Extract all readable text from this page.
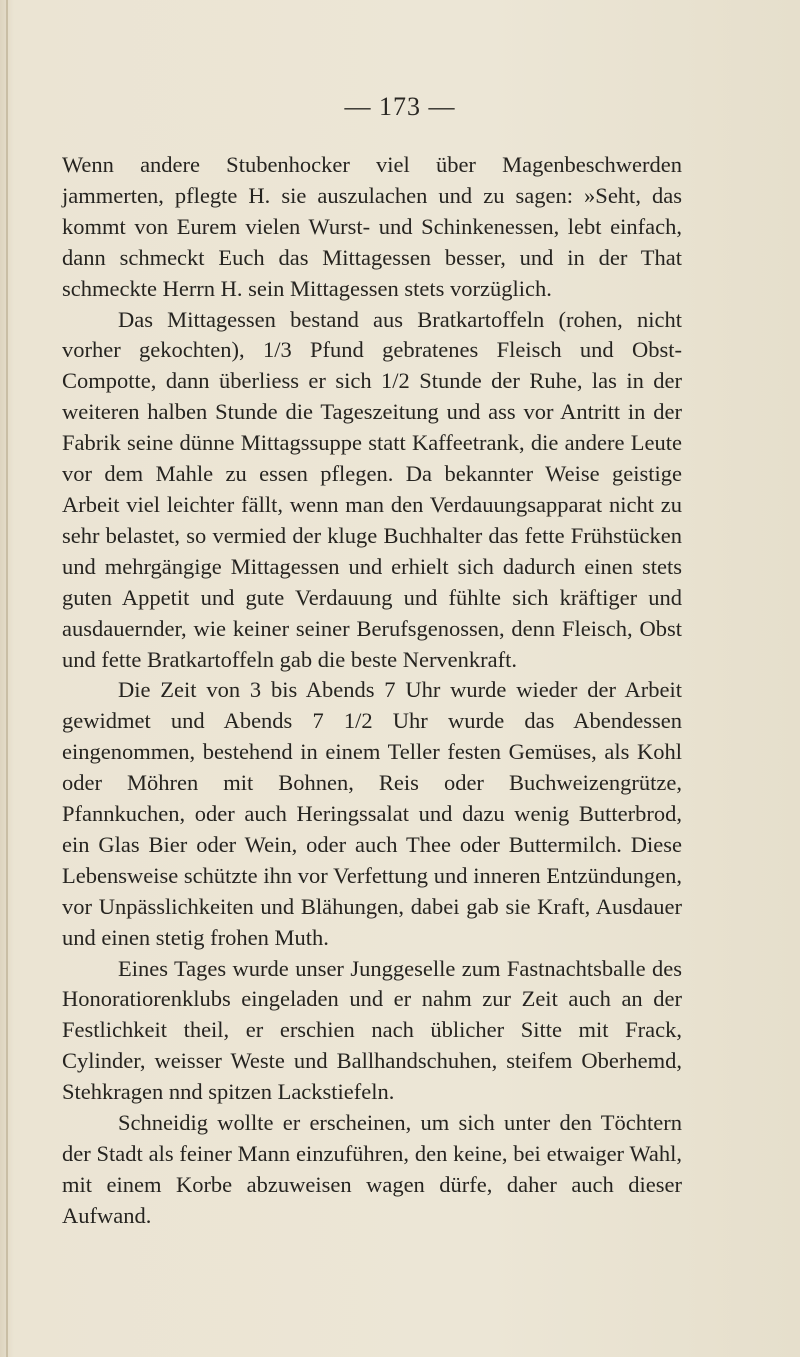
— 173 —

Wenn andere Stubenhocker viel über Magenbeschwerden jammerten, pflegte H. sie auszulachen und zu sagen: »Seht, das kommt von Eurem vielen Wurst- und Schinkenessen, lebt einfach, dann schmeckt Euch das Mittagessen besser, und in der That schmeckte Herrn H. sein Mittagessen stets vorzüglich.

Das Mittagessen bestand aus Bratkartoffeln (rohen, nicht vorher gekochten), 1/3 Pfund gebratenes Fleisch und Obst-Compotte, dann überliess er sich 1/2 Stunde der Ruhe, las in der weiteren halben Stunde die Tageszeitung und ass vor Antritt in der Fabrik seine dünne Mittagssuppe statt Kaffeetrank, die andere Leute vor dem Mahle zu essen pflegen. Da bekannter Weise geistige Arbeit viel leichter fällt, wenn man den Verdauungsapparat nicht zu sehr belastet, so vermied der kluge Buchhalter das fette Frühstücken und mehrgängige Mittagessen und erhielt sich dadurch einen stets guten Appetit und gute Verdauung und fühlte sich kräftiger und ausdauernder, wie keiner seiner Berufsgenossen, denn Fleisch, Obst und fette Bratkartoffeln gab die beste Nervenkraft.

Die Zeit von 3 bis Abends 7 Uhr wurde wieder der Arbeit gewidmet und Abends 7 1/2 Uhr wurde das Abendessen eingenommen, bestehend in einem Teller festen Gemüses, als Kohl oder Möhren mit Bohnen, Reis oder Buchweizengrütze, Pfannkuchen, oder auch Heringssalat und dazu wenig Butterbrod, ein Glas Bier oder Wein, oder auch Thee oder Buttermilch. Diese Lebensweise schützte ihn vor Verfettung und inneren Entzündungen, vor Unpässlichkeiten und Blähungen, dabei gab sie Kraft, Ausdauer und einen stetig frohen Muth.

Eines Tages wurde unser Junggeselle zum Fastnachtsballe des Honoratiorenklubs eingeladen und er nahm zur Zeit auch an der Festlichkeit theil, er erschien nach üblicher Sitte mit Frack, Cylinder, weisser Weste und Ballhandschuhen, steifem Oberhemd, Stehkragen nnd spitzen Lackstiefeln.

Schneidig wollte er erscheinen, um sich unter den Töchtern der Stadt als feiner Mann einzuführen, den keine, bei etwaiger Wahl, mit einem Korbe abzuweisen wagen dürfe, daher auch dieser Aufwand.
